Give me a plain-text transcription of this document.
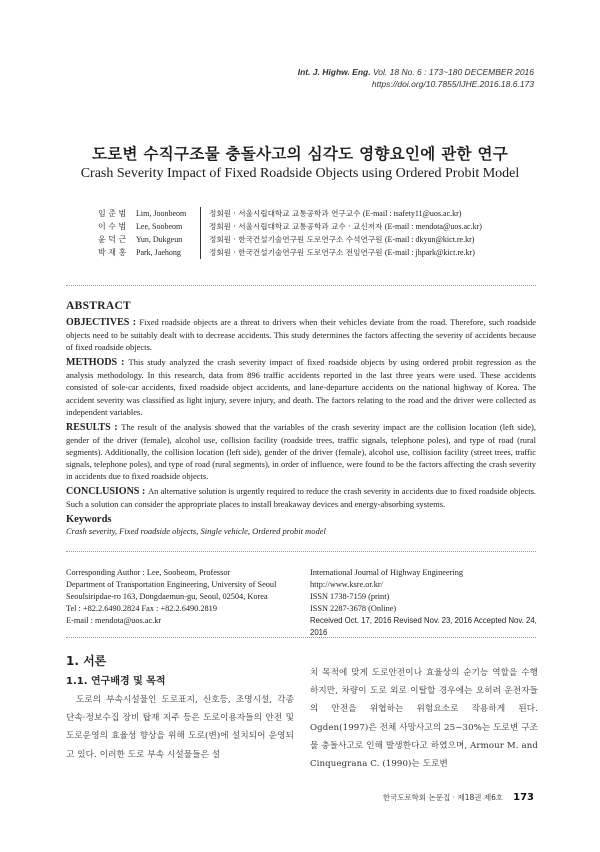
Int. J. Highw. Eng. Vol. 18 No. 6 : 173~180 DECEMBER 2016
https://doi.org/10.7855/IJHE.2016.18.6.173
도로변 수직구조물 충돌사고의 심각도 영향요인에 관한 연구
Crash Severity Impact of Fixed Roadside Objects using Ordered Probit Model
임 준 범	Lim, Joonbeom	정회원 · 서울시립대학교 교통공학과 연구교수 (E-mail : tsafety11@uos.ac.kr)
이 수 범	Lee, Soobeom	정회원 · 서울시립대학교 교통공학과 교수 · 교신저자 (E-mail : mendota@uos.ac.kr)
윤 덕 근	Yun, Dukgeun	정회원 · 한국건설기술연구원 도로연구소 수석연구원 (E-mail : dkyun@kict.re.kr)
박 재 홍	Park, Jaehong	정회원 · 한국건설기술연구원 도로연구소 전임연구원 (E-mail : jhpark@kict.re.kr)
ABSTRACT

OBJECTIVES : Fixed roadside objects are a threat to drivers when their vehicles deviate from the road. Therefore, such roadside objects need to be suitably dealt with to decrease accidents. This study determines the factors affecting the severity of accidents because of fixed roadside objects.

METHODS : This study analyzed the crash severity impact of fixed roadside objects by using ordered probit regression as the analysis methodology. In this research, data from 896 traffic accidents reported in the last three years were used. These accidents consisted of sole-car accidents, fixed roadside object accidents, and lane-departure accidents on the national highway of Korea. The accident severity was classified as light injury, severe injury, and death. The factors relating to the road and the driver were collected as independent variables.

RESULTS : The result of the analysis showed that the variables of the crash severity impact are the collision location (left side), gender of the driver (female), alcohol use, collision facility (roadside trees, traffic signals, telephone poles), and type of road (rural segments). Additionally, the collision location (left side), gender of the driver (female), alcohol use, collision facility (street trees, traffic signals, telephone poles), and type of road (rural segments), in order of influence, were found to be the factors affecting the crash severity in accidents due to fixed roadside objects.

CONCLUSIONS : An alternative solution is urgently required to reduce the crash severity in accidents due to fixed roadside objects. Such a solution can consider the appropriate places to install breakaway devices and energy-absorbing systems.

Keywords
Crash severity, Fixed roadside objects, Single vehicle, Ordered probit model
Corresponding Author : Lee, Soobeom, Professor
Department of Transportation Engineering, University of Seoul
Seoulsiripdae-ro 163, Dongdaemun-gu, Seoul, 02504, Korea
Tel : +82.2.6490.2824 Fax : +82.2.6490.2819
E-mail : mendota@uos.ac.kr
International Journal of Highway Engineering
http://www.ksre.or.kr/
ISSN 1738-7159 (print)
ISSN 2287-3678 (Online)
Received Oct. 17, 2016 Revised Nov. 23, 2016 Accepted Nov. 24, 2016
1. 서론
1.1. 연구배경 및 목적
도로의 부속시설물인 도로표지, 신호등, 조명시설, 각종 단속·정보수집 장비 탑재 지주 등은 도로이용자들의 안전 및 도로운영의 효율성 향상을 위해 도로(변)에 설치되어 운영되고 있다. 이러한 도로 부속 시설물들은 설
치 목적에 맞게 도로안전이나 효율상의 순기능 역할을 수행하지만, 차량이 도로 외로 이탈할 경우에는 오히려 운전자들의 안전을 위협하는 위험요소로 작용하게 된다. Ogden(1997)은 전체 사망사고의 25~30%는 도로변 구조물 충돌사고로 인해 발생한다고 하였으며, Armour M. and Cinquegrana C. (1990)는 도로변
한국도로학회 논문집 · 제18권 제6호 173
